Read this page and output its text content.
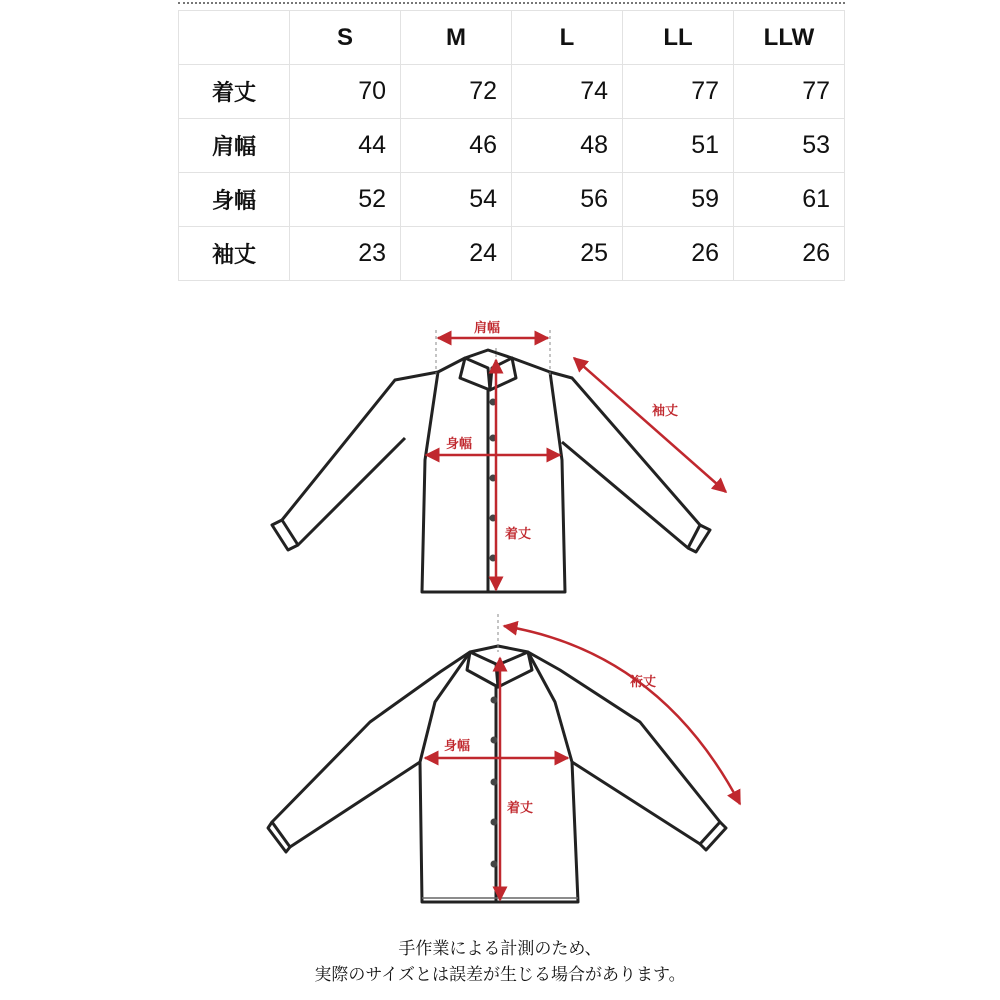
	S	M	L	LL	LLW
着丈	70	72	74	77	77
肩幅	44	46	48	51	53
身幅	52	54	56	59	61
袖丈	23	24	25	26	26
肩幅
袖丈
身幅
着丈
裄丈
身幅
着丈
手作業による計測のため、
実際のサイズとは誤差が生じる場合があります。
